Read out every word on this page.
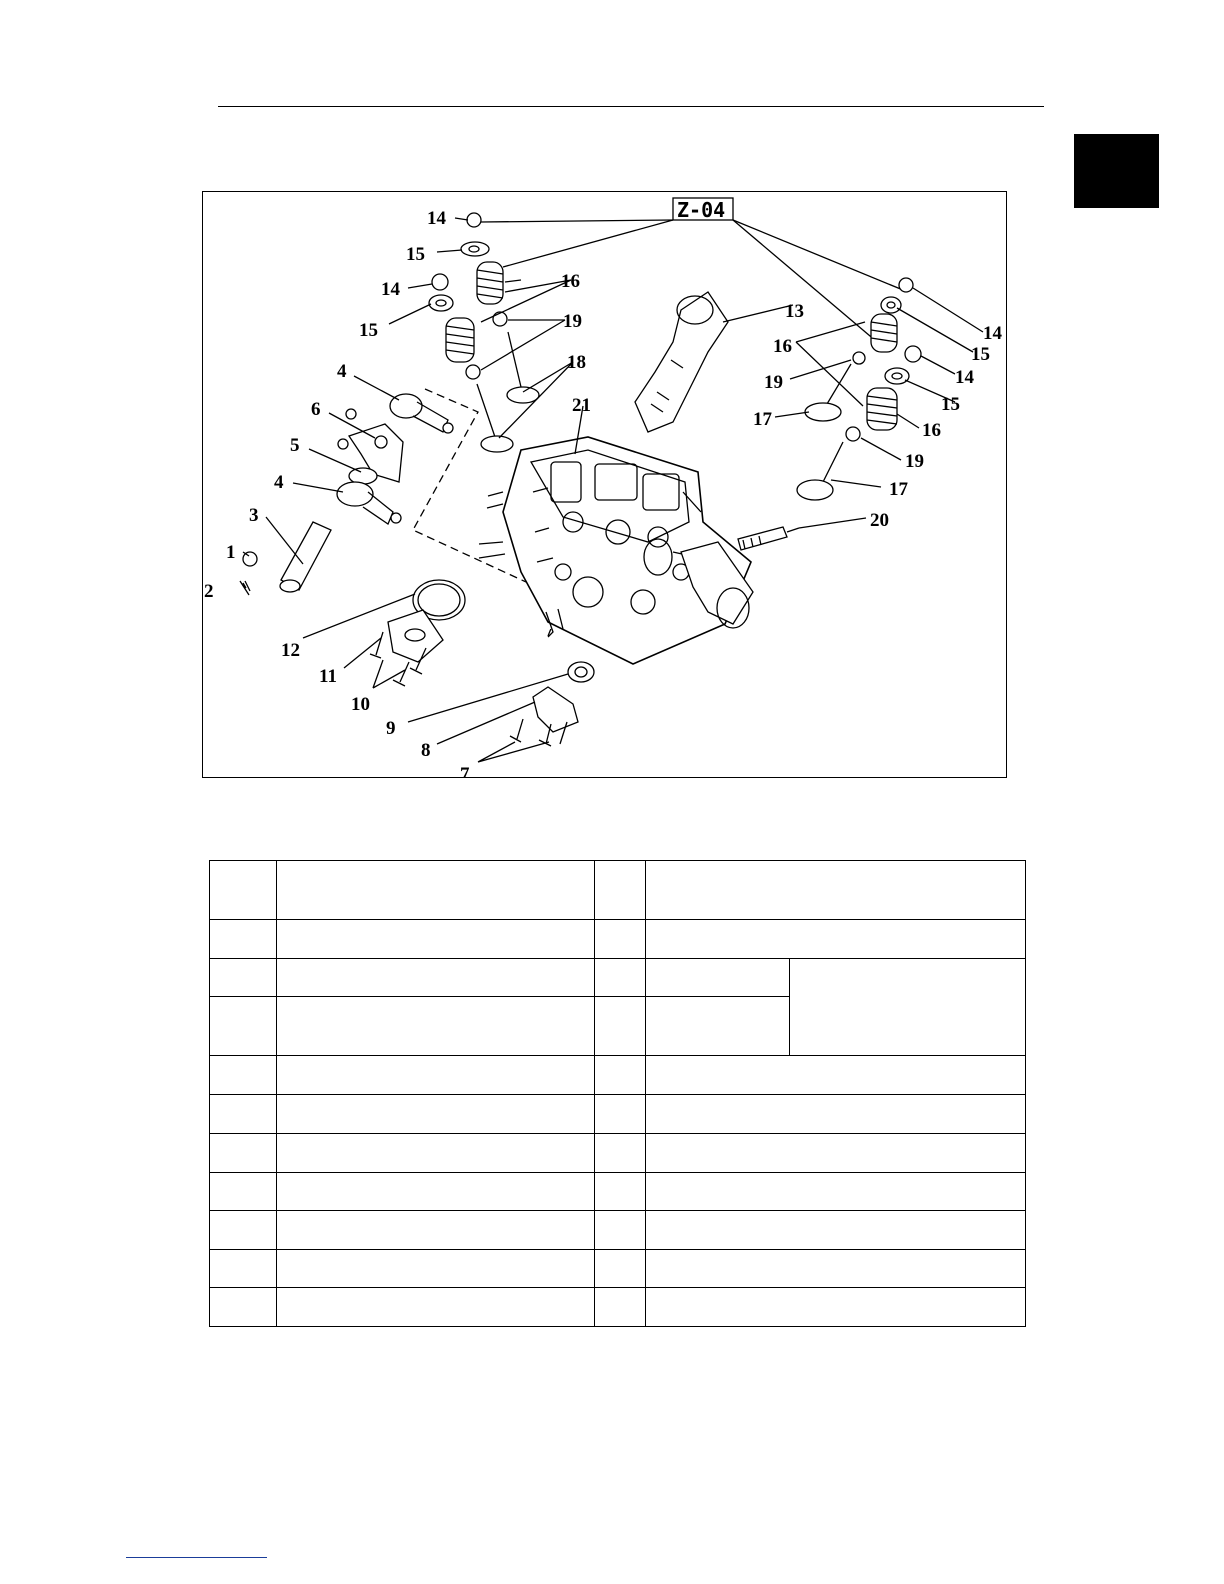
Z-04
1
2
3
4
4
5
6
7
8
9
10
11
12
13
14
14
14
14
15
15
15
15
16
16
16
17
17
18
19
19
19
20
21
